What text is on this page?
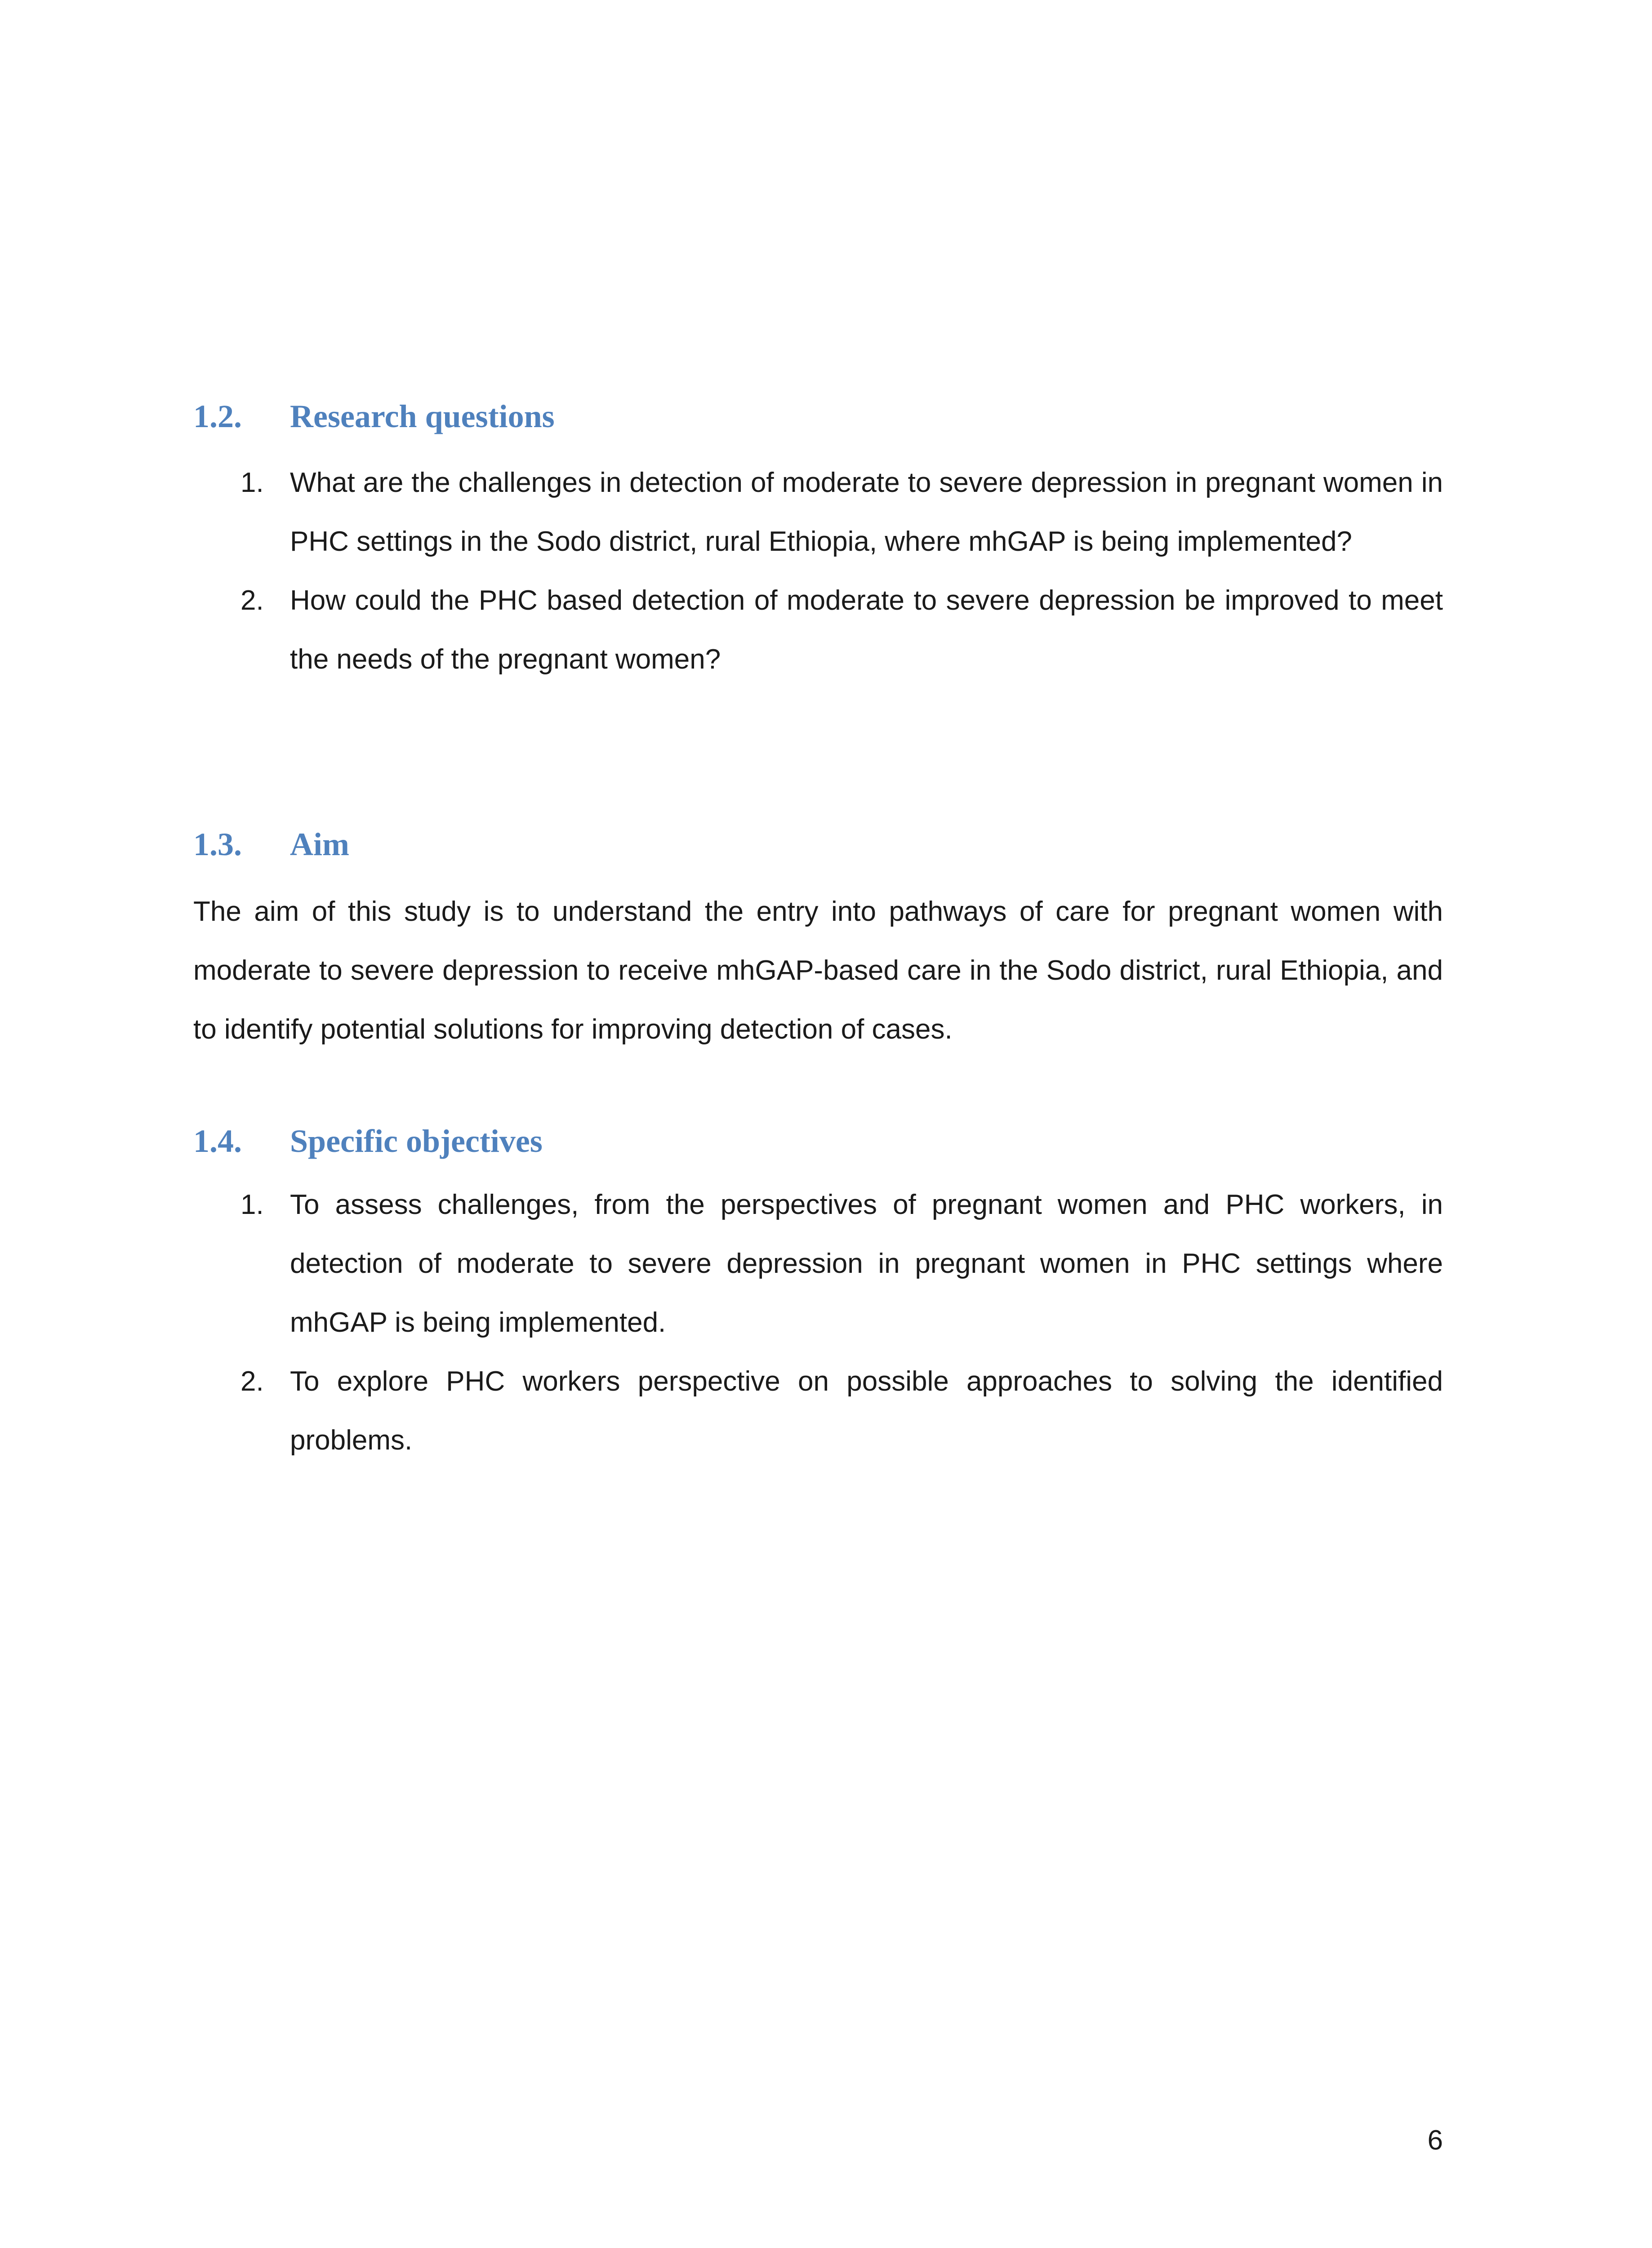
1.2. Research questions
1. What are the challenges in detection of moderate to severe depression in pregnant women in PHC settings in the Sodo district, rural Ethiopia, where mhGAP is being implemented?
2. How could the PHC based detection of moderate to severe depression be improved to meet the needs of the pregnant women?
1.3. Aim

The aim of this study is to understand the entry into pathways of care for pregnant women with moderate to severe depression to receive mhGAP-based care in the Sodo district, rural Ethiopia, and to identify potential solutions for improving detection of cases.

1.4. Specific objectives
1. To assess challenges, from the perspectives of pregnant women and PHC workers, in detection of moderate to severe depression in pregnant women in PHC settings where mhGAP is being implemented.
2. To explore PHC workers perspective on possible approaches to solving the identified problems.
6
